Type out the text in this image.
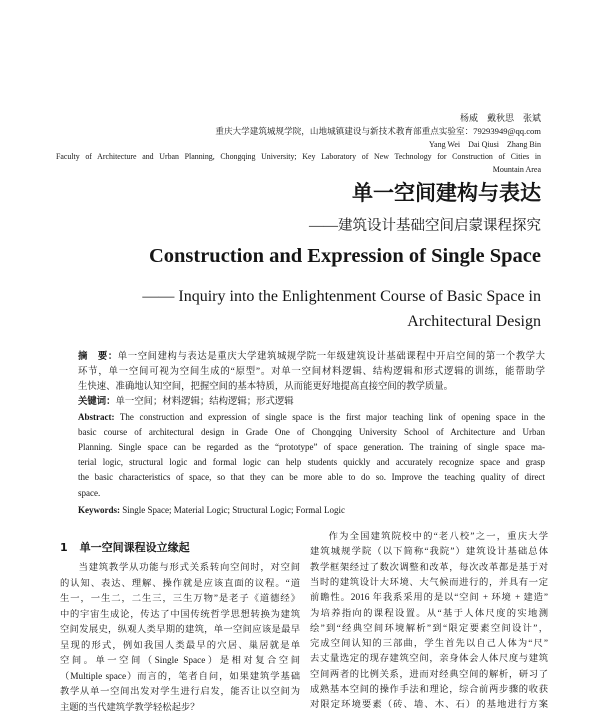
杨威　戴秋思　张斌
重庆大学建筑城规学院，山地城镇建设与新技术教育部重点实验室：79293949@qq.com
Yang Wei　Dai Qiusi　Zhang Bin
Faculty of Architecture and Urban Planning, Chongqing University; Key Laboratory of New Technology for Construction of Cities in
Mountain Area
单一空间建构与表达
——建筑设计基础空间启蒙课程探究
Construction and Expression of Single Space
—— Inquiry into the Enlightenment Course of Basic Space in
Architectural Design
摘　要：单一空间建构与表达是重庆大学建筑城规学院一年级建筑设计基础课程中开启空间的第一个教学大
环节，单一空间可视为空间生成的“原型”。对单一空间材料逻辑、结构逻辑和形式逻辑的训练，能帮助学
生快速、准确地认知空间，把握空间的基本特质，从而能更好地提高直接空间的教学质量。
关键词：单一空间；材料逻辑；结构逻辑；形式逻辑
Abstract: The construction and expression of single space is the first major teaching link of opening space in the
basic course of architectural design in Grade One of Chongqing University School of Architecture and Urban
Planning. Single space can be regarded as the “prototype” of space generation. The training of single space ma-
terial logic, structural logic and formal logic can help students quickly and accurately recognize space and grasp
the basic characteristics of space, so that they can be more able to do so. Improve the teaching quality of direct
space.
Keywords: Single Space; Material Logic; Structural Logic; Formal Logic
1 单一空间课程设立缘起
当建筑教学从功能与形式关系转向空间时，对空间
的认知、表达、理解、操作就是应该直面的议程。“道
生一，一生二，二生三，三生万物”是老子《道德经》
中的宇宙生成论，传达了中国传统哲学思想转换为建筑
空间发展史，纵观人类早期的建筑，单一空间应该是最早
呈现的形式，例如我国人类最早的穴居、巢居就是单
空间。单一空间（Single Space）是相对复合空间
（Multiple space）而言的，笔者自问，如果建筑学基础
教学从单一空间出发对学生进行启发，能否让以空间为
主题的当代建筑学教学轻松起步？
作为全国建筑院校中的“老八校”之一，重庆大学
建筑城规学院（以下简称“我院”）建筑设计基础总体
教学框架经过了数次调整和改革，每次改革都是基于对
当时的建筑设计大环境、大气候而进行的，并具有一定
前瞻性。2016 年我系采用的是以“空间 + 环境 + 建造”
为培养指向的课程设置。从“基于人体尺度的实地测
绘”到“经典空间环境解析”到“限定要素空间设计”，
完成空间认知的三部曲，学生首先以自己人体为“尺”
去丈量选定的现存建筑空间，亲身体会人体尺度与建筑
空间两者的比例关系，进而对经典空间的解析，研习了
成熟基本空间的操作手法和理论，综合前两步骤的收获
对限定环境要素（砖、墙、木、石）的基地进行方案
